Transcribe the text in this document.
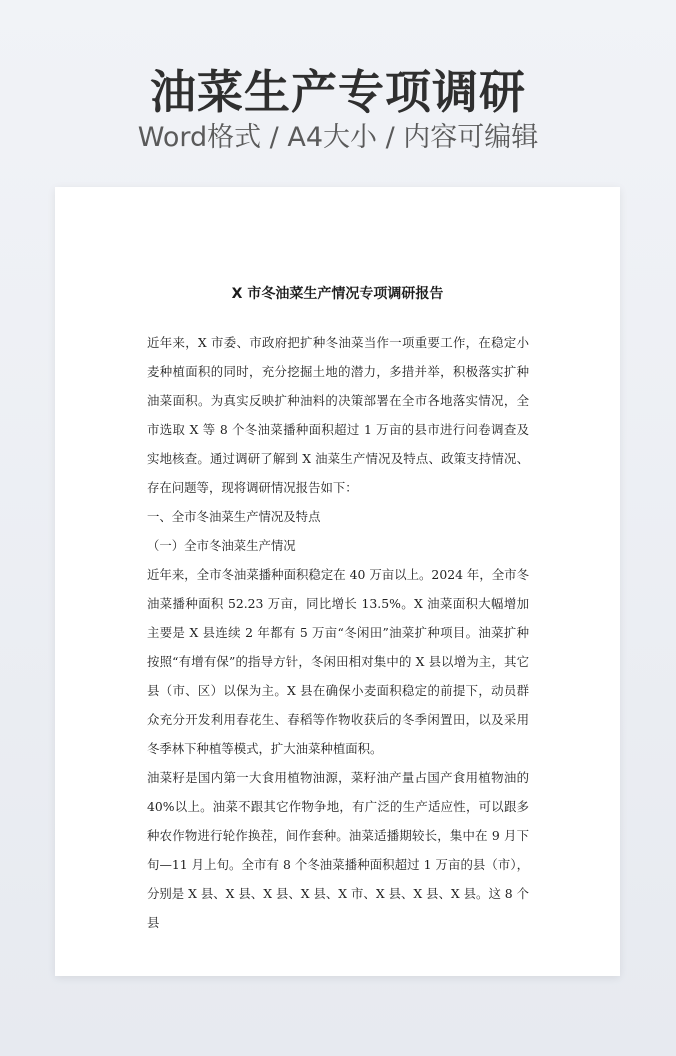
油菜生产专项调研
Word格式 / A4大小 / 内容可编辑
X 市冬油菜生产情况专项调研报告

近年来，X 市委、市政府把扩种冬油菜当作一项重要工作，在稳定小麦种植面积的同时，充分挖掘土地的潜力，多措并举，积极落实扩种油菜面积。为真实反映扩种油料的决策部署在全市各地落实情况，全市选取 X 等 8 个冬油菜播种面积超过 1 万亩的县市进行问卷调查及实地核查。通过调研了解到 X 油菜生产情况及特点、政策支持情况、存在问题等，现将调研情况报告如下：

一、全市冬油菜生产情况及特点

（一）全市冬油菜生产情况

近年来，全市冬油菜播种面积稳定在 40 万亩以上。2024 年，全市冬油菜播种面积 52.23 万亩，同比增长 13.5%。X 油菜面积大幅增加主要是 X 县连续 2 年都有 5 万亩“冬闲田”油菜扩种项目。油菜扩种按照“有增有保”的指导方针，冬闲田相对集中的 X 县以增为主，其它县（市、区）以保为主。X 县在确保小麦面积稳定的前提下，动员群众充分开发利用春花生、春稻等作物收获后的冬季闲置田，以及采用冬季林下种植等模式，扩大油菜种植面积。

油菜籽是国内第一大食用植物油源，菜籽油产量占国产食用植物油的 40%以上。油菜不跟其它作物争地，有广泛的生产适应性，可以跟多种农作物进行轮作换茬，间作套种。油菜适播期较长，集中在 9 月下旬—11 月上旬。全市有 8 个冬油菜播种面积超过 1 万亩的县（市），分别是 X 县、X 县、X 县、X 县、X 市、X 县、X 县、X 县。这 8 个县
